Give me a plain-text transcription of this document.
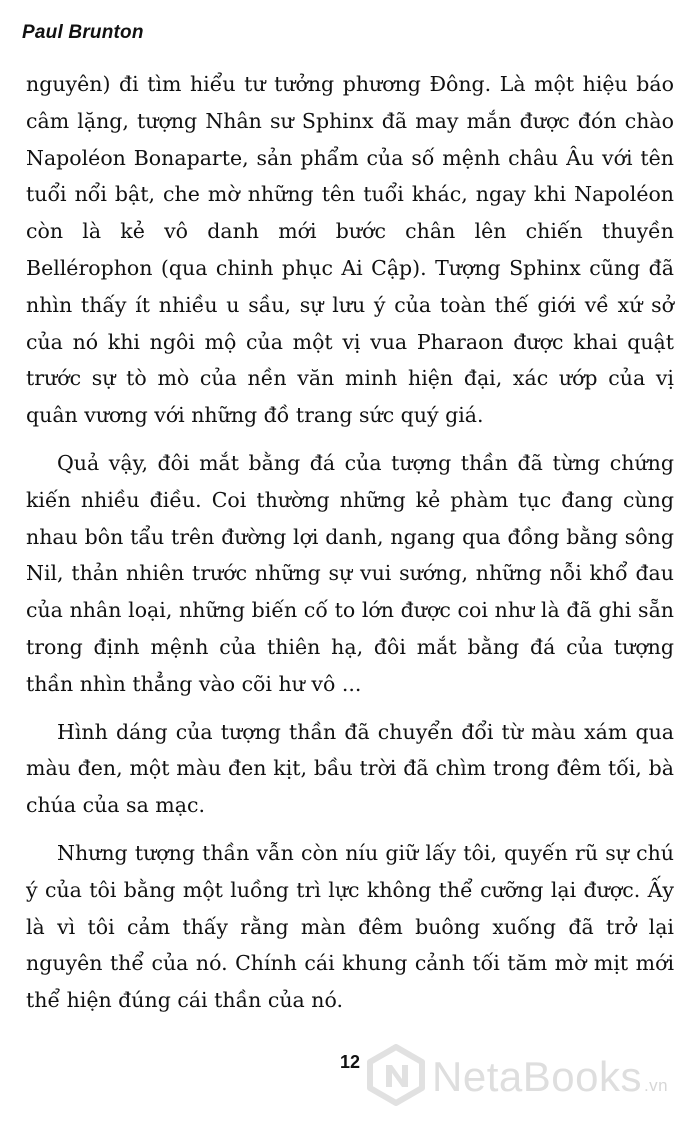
Paul Brunton

nguyên) đi tìm hiểu tư tưởng phương Đông. Là một hiệu báo câm lặng, tượng Nhân sư Sphinx đã may mắn được đón chào Napoléon Bonaparte, sản phẩm của số mệnh châu Âu với tên tuổi nổi bật, che mờ những tên tuổi khác, ngay khi Napoléon còn là kẻ vô danh mới bước chân lên chiến thuyền Bellérophon (qua chinh phục Ai Cập). Tượng Sphinx cũng đã nhìn thấy ít nhiều u sầu, sự lưu ý của toàn thế giới về xứ sở của nó khi ngôi mộ của một vị vua Pharaon được khai quật trước sự tò mò của nền văn minh hiện đại, xác ướp của vị quân vương với những đồ trang sức quý giá.

Quả vậy, đôi mắt bằng đá của tượng thần đã từng chứng kiến nhiều điều. Coi thường những kẻ phàm tục đang cùng nhau bôn tẩu trên đường lợi danh, ngang qua đồng bằng sông Nil, thản nhiên trước những sự vui sướng, những nỗi khổ đau của nhân loại, những biến cố to lớn được coi như là đã ghi sẵn trong định mệnh của thiên hạ, đôi mắt bằng đá của tượng thần nhìn thẳng vào cõi hư vô ...

Hình dáng của tượng thần đã chuyển đổi từ màu xám qua màu đen, một màu đen kịt, bầu trời đã chìm trong đêm tối, bà chúa của sa mạc.

Nhưng tượng thần vẫn còn níu giữ lấy tôi, quyến rũ sự chú ý của tôi bằng một luồng trì lực không thể cưỡng lại được. Ấy là vì tôi cảm thấy rằng màn đêm buông xuống đã trở lại nguyên thể của nó. Chính cái khung cảnh tối tăm mờ mịt mới thể hiện đúng cái thần của nó.

12	NetaBooks .vn
